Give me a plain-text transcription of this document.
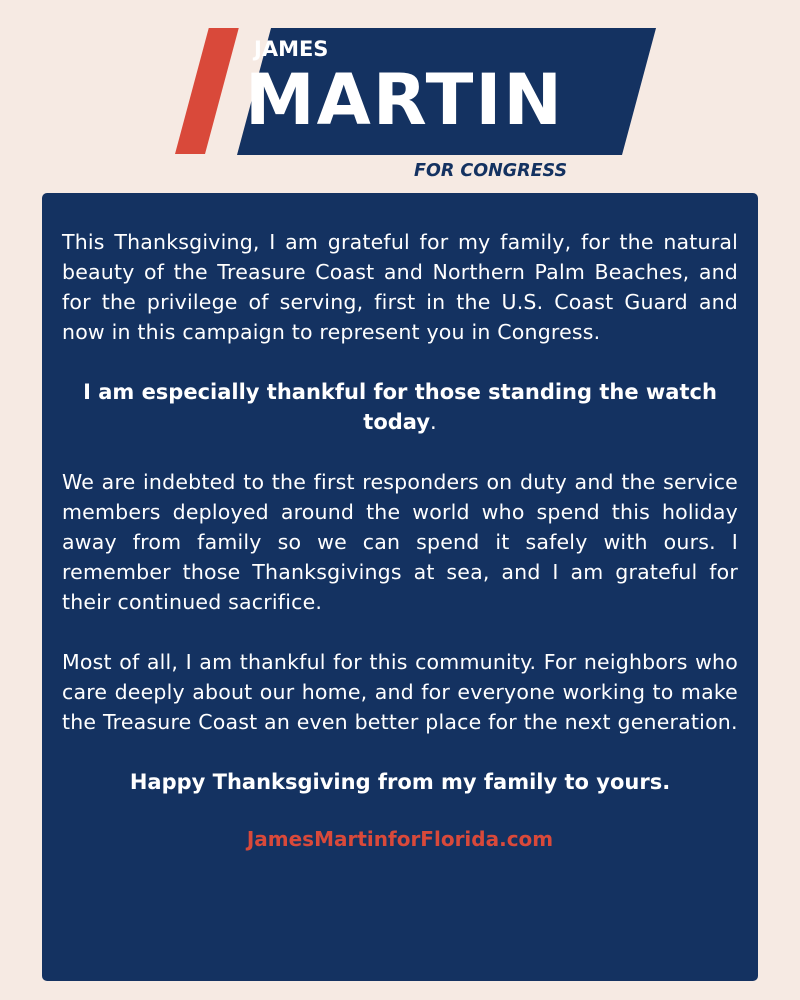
JAMES
MARTIN
FOR CONGRESS

This Thanksgiving, I am grateful for my family, for the natural beauty of the Treasure Coast and Northern Palm Beaches, and for the privilege of serving, first in the U.S. Coast Guard and now in this campaign to represent you in Congress.

I am especially thankful for those standing the watch today.

We are indebted to the first responders on duty and the service members deployed around the world who spend this holiday away from family so we can spend it safely with ours. I remember those Thanksgivings at sea, and I am grateful for their continued sacrifice.

Most of all, I am thankful for this community. For neighbors who care deeply about our home, and for everyone working to make the Treasure Coast an even better place for the next generation.

Happy Thanksgiving from my family to yours.

JamesMartinforFlorida.com
